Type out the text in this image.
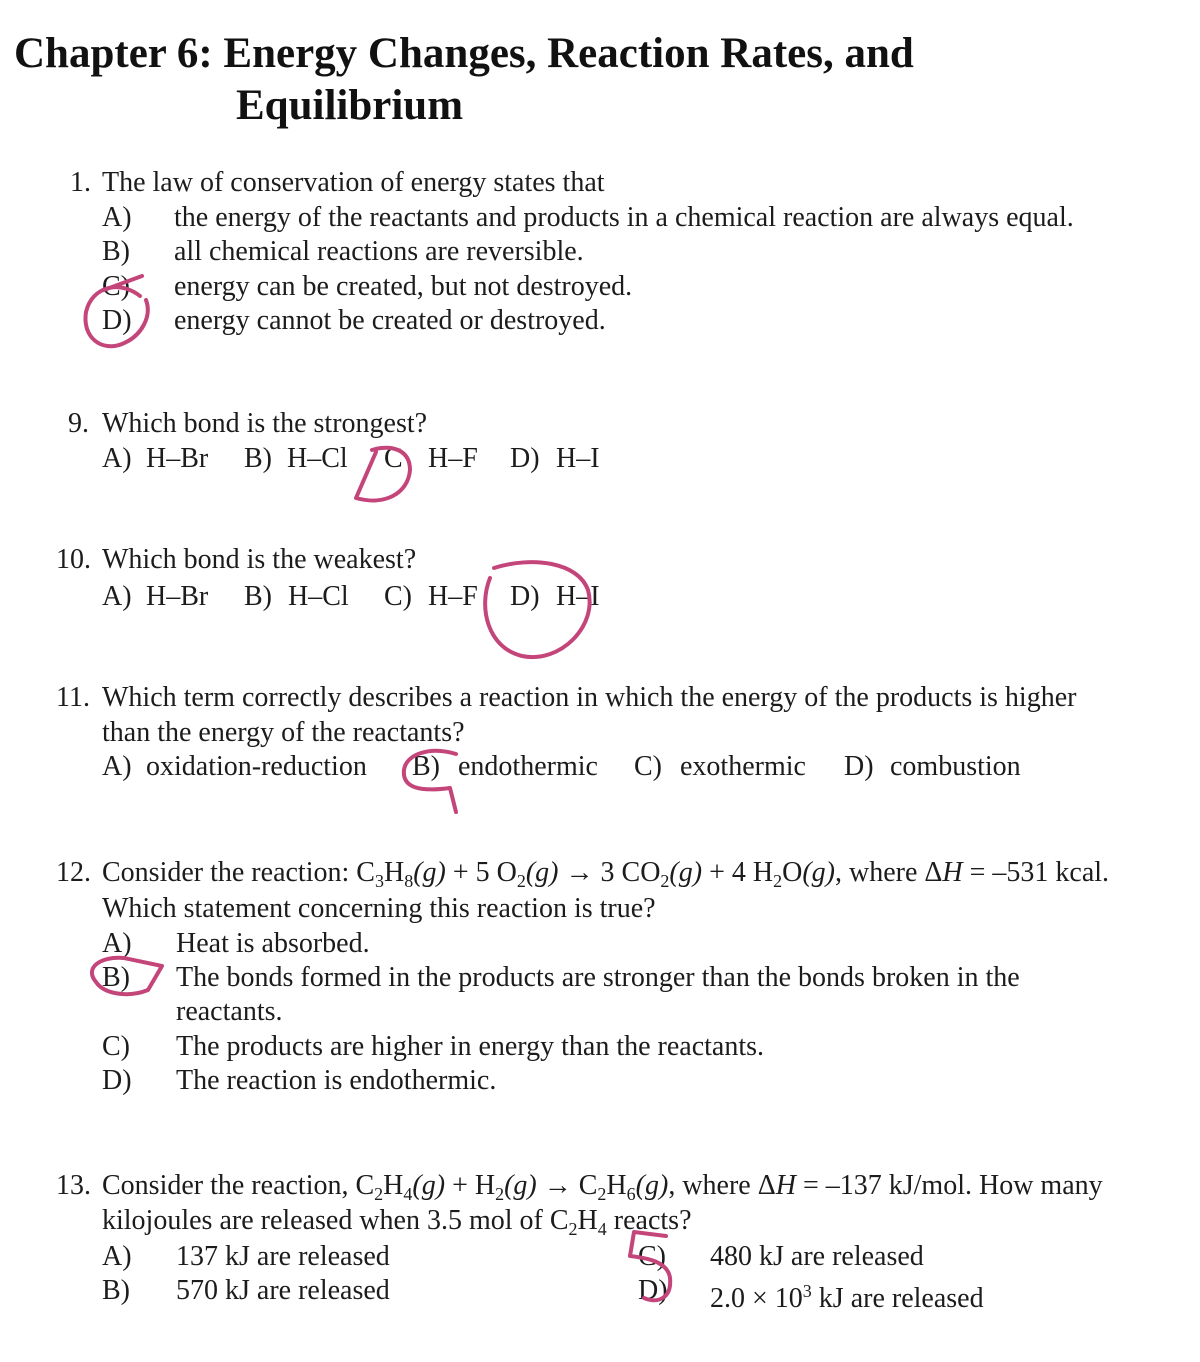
Chapter 6: Energy Changes, Reaction Rates, and
Equilibrium
1. The law of conservation of energy states that
A) the energy of the reactants and products in a chemical reaction are always equal.
B) all chemical reactions are reversible.
C) energy can be created, but not destroyed.
D) energy cannot be created or destroyed.
9. Which bond is the strongest?
A) H–Br B) H–Cl C H–F D) H–I
10. Which bond is the weakest?
A) H–Br B) H–Cl C) H–F D) H–I
11. Which term correctly describes a reaction in which the energy of the products is higher
than the energy of the reactants?
A) oxidation-reduction B) endothermic C) exothermic D) combustion
12. Consider the reaction: $C_3H_8(g) + 5$ $O_2(g) \to 3$ $CO_2(g) + 4$ $H_2O(g)$, where ΔH = –531 kcal.
Which statement concerning this reaction is true?
A) Heat is absorbed.
B) The bonds formed in the products are stronger than the bonds broken in the
reactants.
C) The products are higher in energy than the reactants.
D) The reaction is endothermic.
13. Consider the reaction, $C_2H_4(g) + H_2(g) \to C_2H_6(g)$, where ΔH = –137 kJ/mol. How many
kilojoules are released when 3.5 mol of $C_2H_4$ reacts?
A) 137 kJ are released
B) 570 kJ are released
C) 480 kJ are released
D) $2.0 \times 10^3$ kJ are released
